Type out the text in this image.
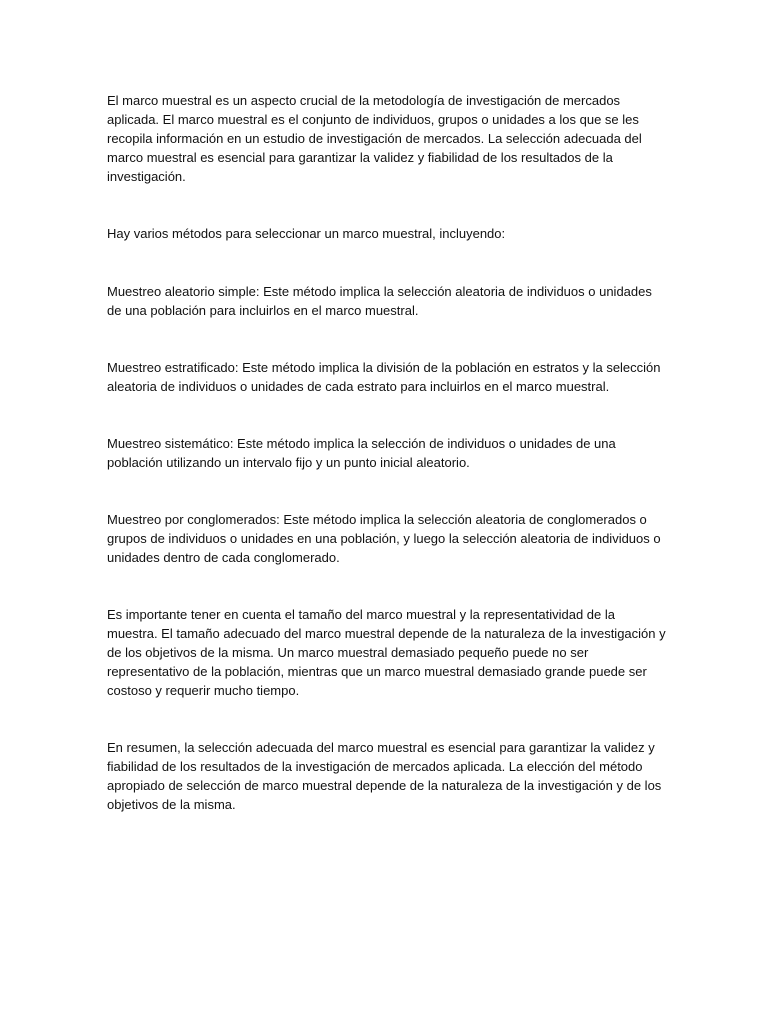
El marco muestral es un aspecto crucial de la metodología de investigación de mercados aplicada. El marco muestral es el conjunto de individuos, grupos o unidades a los que se les recopila información en un estudio de investigación de mercados. La selección adecuada del marco muestral es esencial para garantizar la validez y fiabilidad de los resultados de la investigación.

Hay varios métodos para seleccionar un marco muestral, incluyendo:

Muestreo aleatorio simple: Este método implica la selección aleatoria de individuos o unidades de una población para incluirlos en el marco muestral.

Muestreo estratificado: Este método implica la división de la población en estratos y la selección aleatoria de individuos o unidades de cada estrato para incluirlos en el marco muestral.

Muestreo sistemático: Este método implica la selección de individuos o unidades de una población utilizando un intervalo fijo y un punto inicial aleatorio.

Muestreo por conglomerados: Este método implica la selección aleatoria de conglomerados o grupos de individuos o unidades en una población, y luego la selección aleatoria de individuos o unidades dentro de cada conglomerado.

Es importante tener en cuenta el tamaño del marco muestral y la representatividad de la muestra. El tamaño adecuado del marco muestral depende de la naturaleza de la investigación y de los objetivos de la misma. Un marco muestral demasiado pequeño puede no ser representativo de la población, mientras que un marco muestral demasiado grande puede ser costoso y requerir mucho tiempo.

En resumen, la selección adecuada del marco muestral es esencial para garantizar la validez y fiabilidad de los resultados de la investigación de mercados aplicada. La elección del método apropiado de selección de marco muestral depende de la naturaleza de la investigación y de los objetivos de la misma.
